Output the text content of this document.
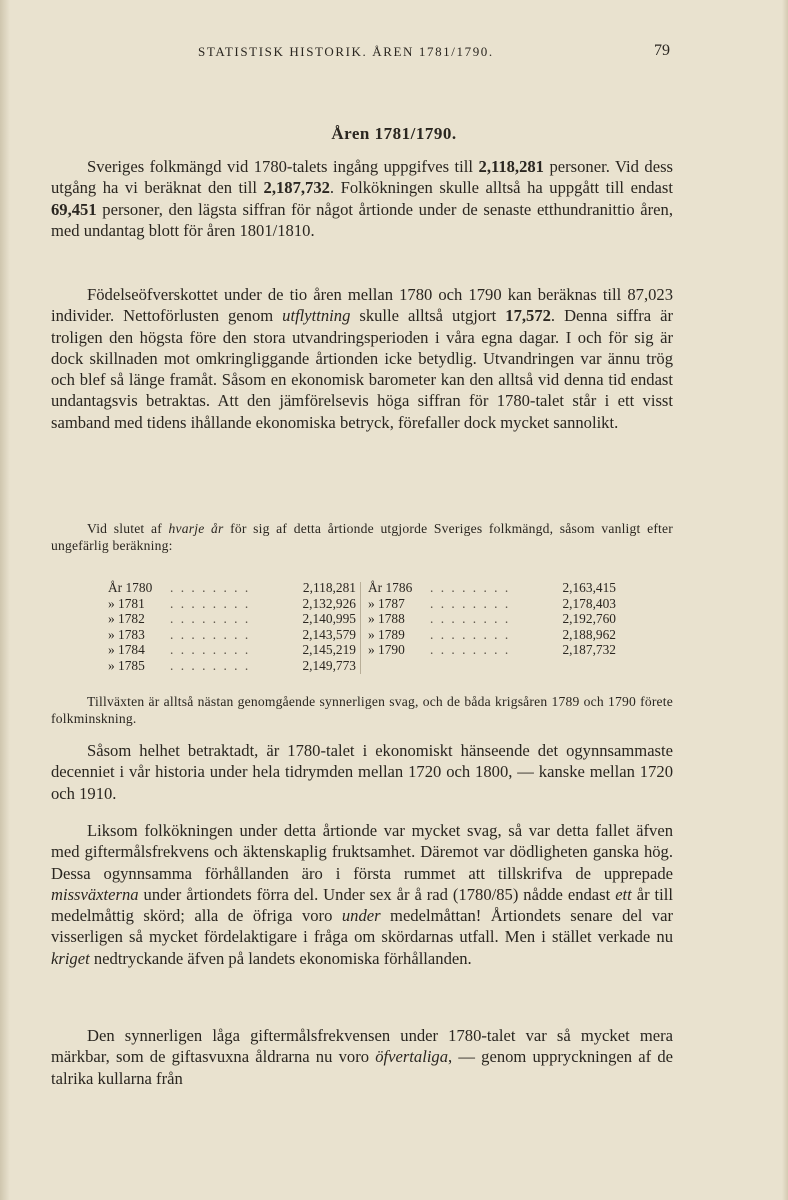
STATISTISK HISTORIK. ÅREN 1781/1790.	79
Åren 1781/1790.

Sveriges folkmängd vid 1780-talets ingång uppgifves till 2,118,281 personer. Vid dess utgång ha vi beräknat den till 2,187,732. Folkökningen skulle alltså ha uppgått till endast 69,451 personer, den lägsta siffran för något årtionde under de senaste etthundranittio åren, med undantag blott för åren 1801/1810.

Födelseöfverskottet under de tio åren mellan 1780 och 1790 kan beräknas till 87,023 individer. Nettoförlusten genom utflyttning skulle alltså utgjort 17,572. Denna siffra är troligen den högsta före den stora utvandringsperioden i våra egna dagar. I och för sig är dock skillnaden mot omkringliggande årtionden icke betydlig. Utvandringen var ännu trög och blef så länge framåt. Såsom en ekonomisk barometer kan den alltså vid denna tid endast undantagsvis betraktas. Att den jämförelsevis höga siffran för 1780-talet står i ett visst samband med tidens ihållande ekonomiska betryck, förefaller dock mycket sannolikt.

Vid slutet af hvarje år för sig af detta årtionde utgjorde Sveriges folkmängd, såsom vanligt efter ungefärlig beräkning:

År 1780 . . . . . . . .	2,118,281
» 1781 . . . . . . . .	2,132,926
» 1782 . . . . . . . .	2,140,995
» 1783 . . . . . . . .	2,143,579
» 1784 . . . . . . . .	2,145,219
» 1785 . . . . . . . .	2,149,773
År 1786 . . . . . . . .	2,163,415
» 1787 . . . . . . . .	2,178,403
» 1788 . . . . . . . .	2,192,760
» 1789 . . . . . . . .	2,188,962
» 1790 . . . . . . . .	2,187,732

Tillväxten är alltså nästan genomgående synnerligen svag, och de båda krigsåren 1789 och 1790 förete folkminskning.

Såsom helhet betraktadt, är 1780-talet i ekonomiskt hänseende det ogynnsammaste decenniet i vår historia under hela tidrymden mellan 1720 och 1800, — kanske mellan 1720 och 1910.

Liksom folkökningen under detta årtionde var mycket svag, så var detta fallet äfven med giftermålsfrekvens och äktenskaplig fruktsamhet. Däremot var dödligheten ganska hög. Dessa ogynnsamma förhållanden äro i första rummet att tillskrifva de upprepade missväxterna under årtiondets förra del. Under sex år å rad (1780/85) nådde endast ett år till medelmåttig skörd; alla de öfriga voro under medelmåttan! Årtiondets senare del var visserligen så mycket fördelaktigare i fråga om skördarnas utfall. Men i stället verkade nu kriget nedtryckande äfven på landets ekonomiska förhållanden.

Den synnerligen låga giftermålsfrekvensen under 1780-talet var så mycket mera märkbar, som de giftasvuxna åldrarna nu voro öfvertaliga, — genom uppryckningen af de talrika kullarna från
